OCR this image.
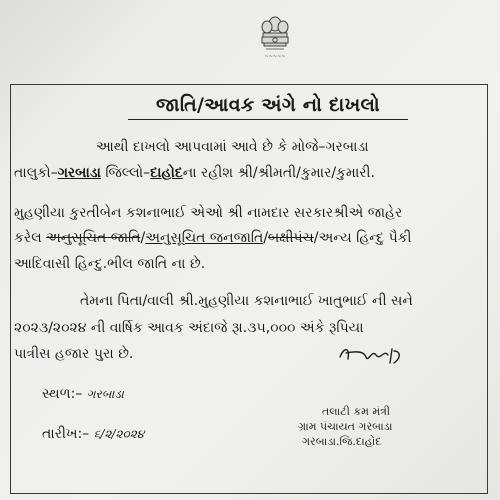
~~~~~
જાતિ/આવક અંગે નો દાખલો
આથી દાખલો આપવામાં આવે છે કે મોજે–ગરબાડા
તાલુકો–ગરબાડા જિલ્લો–દાહોદના રહીશ શ્રી/શ્રીમતી/કુમાર/કુમારી.
મુહણીયા કુરતીબેન કશનાભાઈ એઓ શ્રી નામદાર સરકારશ્રીએ જાહેર
કરેલ અનુસૂચિત જાતિ/અનુસૂચિત જનજાતિ/બક્ષીપંચ/અન્ય હિન્દુ પૈકી
આદિવાસી હિન્દુ.ભીલ જાતિ ના છે.
તેમના પિતા/વાલી શ્રી.મુહણીયા કશનાભાઈ ખાતુભાઈ ની સને
૨૦૨૩/૨૦૨૪ ની વાર્ષિક આવક અંદાજે રૂા.૩૫,૦૦૦ અંકે રૂપિયા
પાત્રીસ હજાર પુરા છે.
સ્થળ:– ગરબાડા
તારીખ:– ૬/૨/૨૦૨૪
તલાટી કમ મંત્રી
ગ્રામ પંચાયત ગરબાડા
ગરબાડા.જિ.દાહોદ
